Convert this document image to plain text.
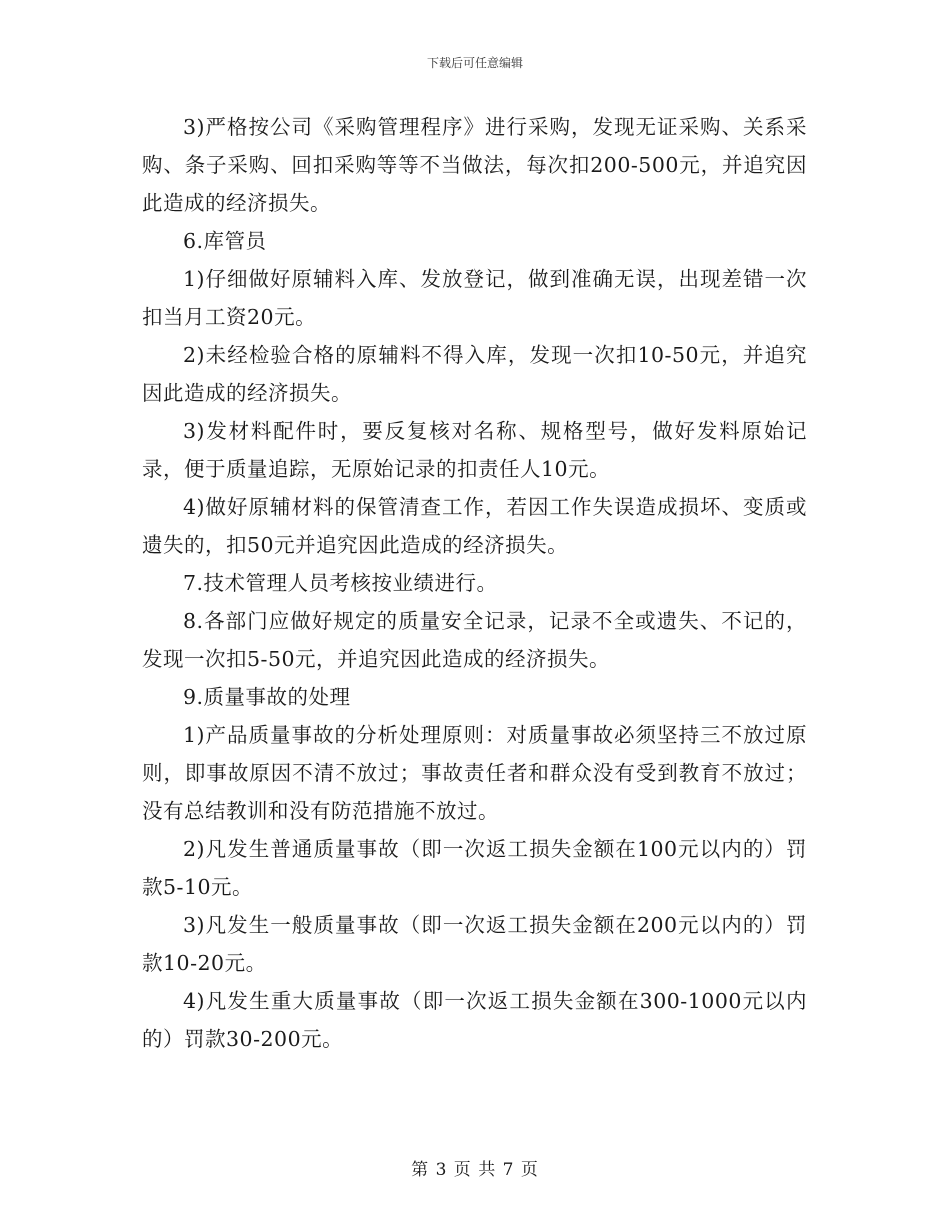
下载后可任意编辑

3)严格按公司《采购管理程序》进行采购，发现无证采购、关系采购、条子采购、回扣采购等等不当做法，每次扣200-500元，并追究因此造成的经济损失。

6.库管员

1)仔细做好原辅料入库、发放登记，做到准确无误，出现差错一次扣当月工资20元。

2)未经检验合格的原辅料不得入库，发现一次扣10-50元，并追究因此造成的经济损失。

3)发材料配件时，要反复核对名称、规格型号，做好发料原始记录，便于质量追踪，无原始记录的扣责任人10元。

4)做好原辅材料的保管清查工作，若因工作失误造成损坏、变质或遗失的，扣50元并追究因此造成的经济损失。

7.技术管理人员考核按业绩进行。

8.各部门应做好规定的质量安全记录，记录不全或遗失、不记的，发现一次扣5-50元，并追究因此造成的经济损失。

9.质量事故的处理

1)产品质量事故的分析处理原则：对质量事故必须坚持三不放过原则，即事故原因不清不放过；事故责任者和群众没有受到教育不放过；没有总结教训和没有防范措施不放过。

2)凡发生普通质量事故（即一次返工损失金额在100元以内的）罚款5-10元。

3)凡发生一般质量事故（即一次返工损失金额在200元以内的）罚款10-20元。

4)凡发生重大质量事故（即一次返工损失金额在300-1000元以内的）罚款30-200元。

第 3 页 共 7 页
